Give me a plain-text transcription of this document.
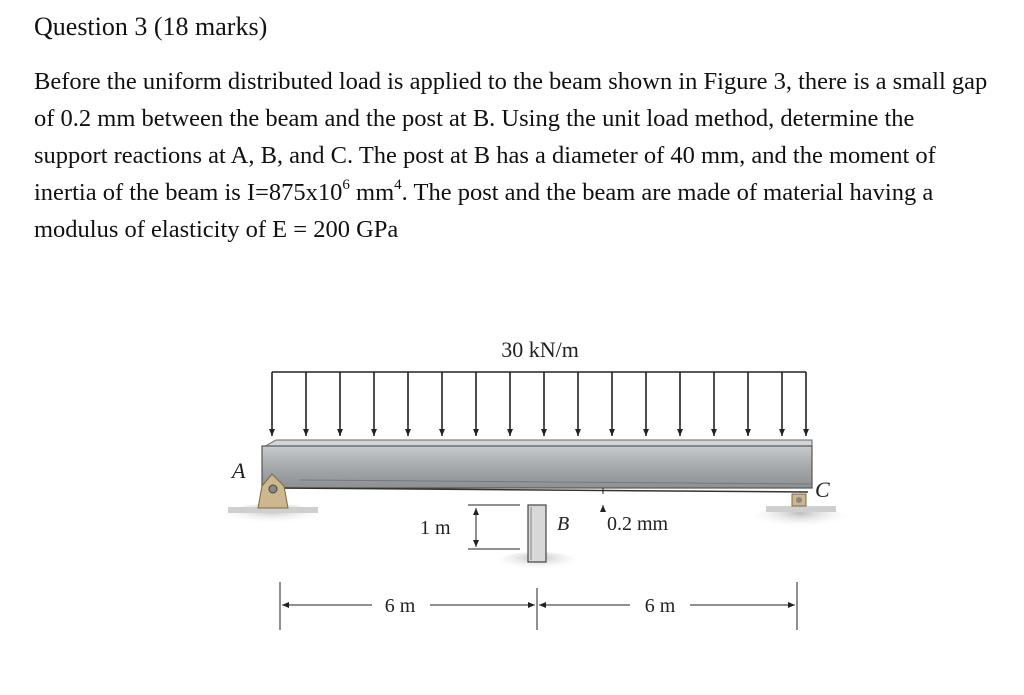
Question 3 (18 marks)
Before the uniform distributed load is applied to the beam shown in Figure 3, there is a small gap of 0.2 mm between the beam and the post at B. Using the unit load method, determine the support reactions at A, B, and C. The post at B has a diameter of 40 mm, and the moment of inertia of the beam is $I=875x10^6$ $mm^4$. The post and the beam are made of material having a modulus of elasticity of E = 200 GPa
30 kN/m
A
C
B 0.2 mm
1 m
6 m	6 m
